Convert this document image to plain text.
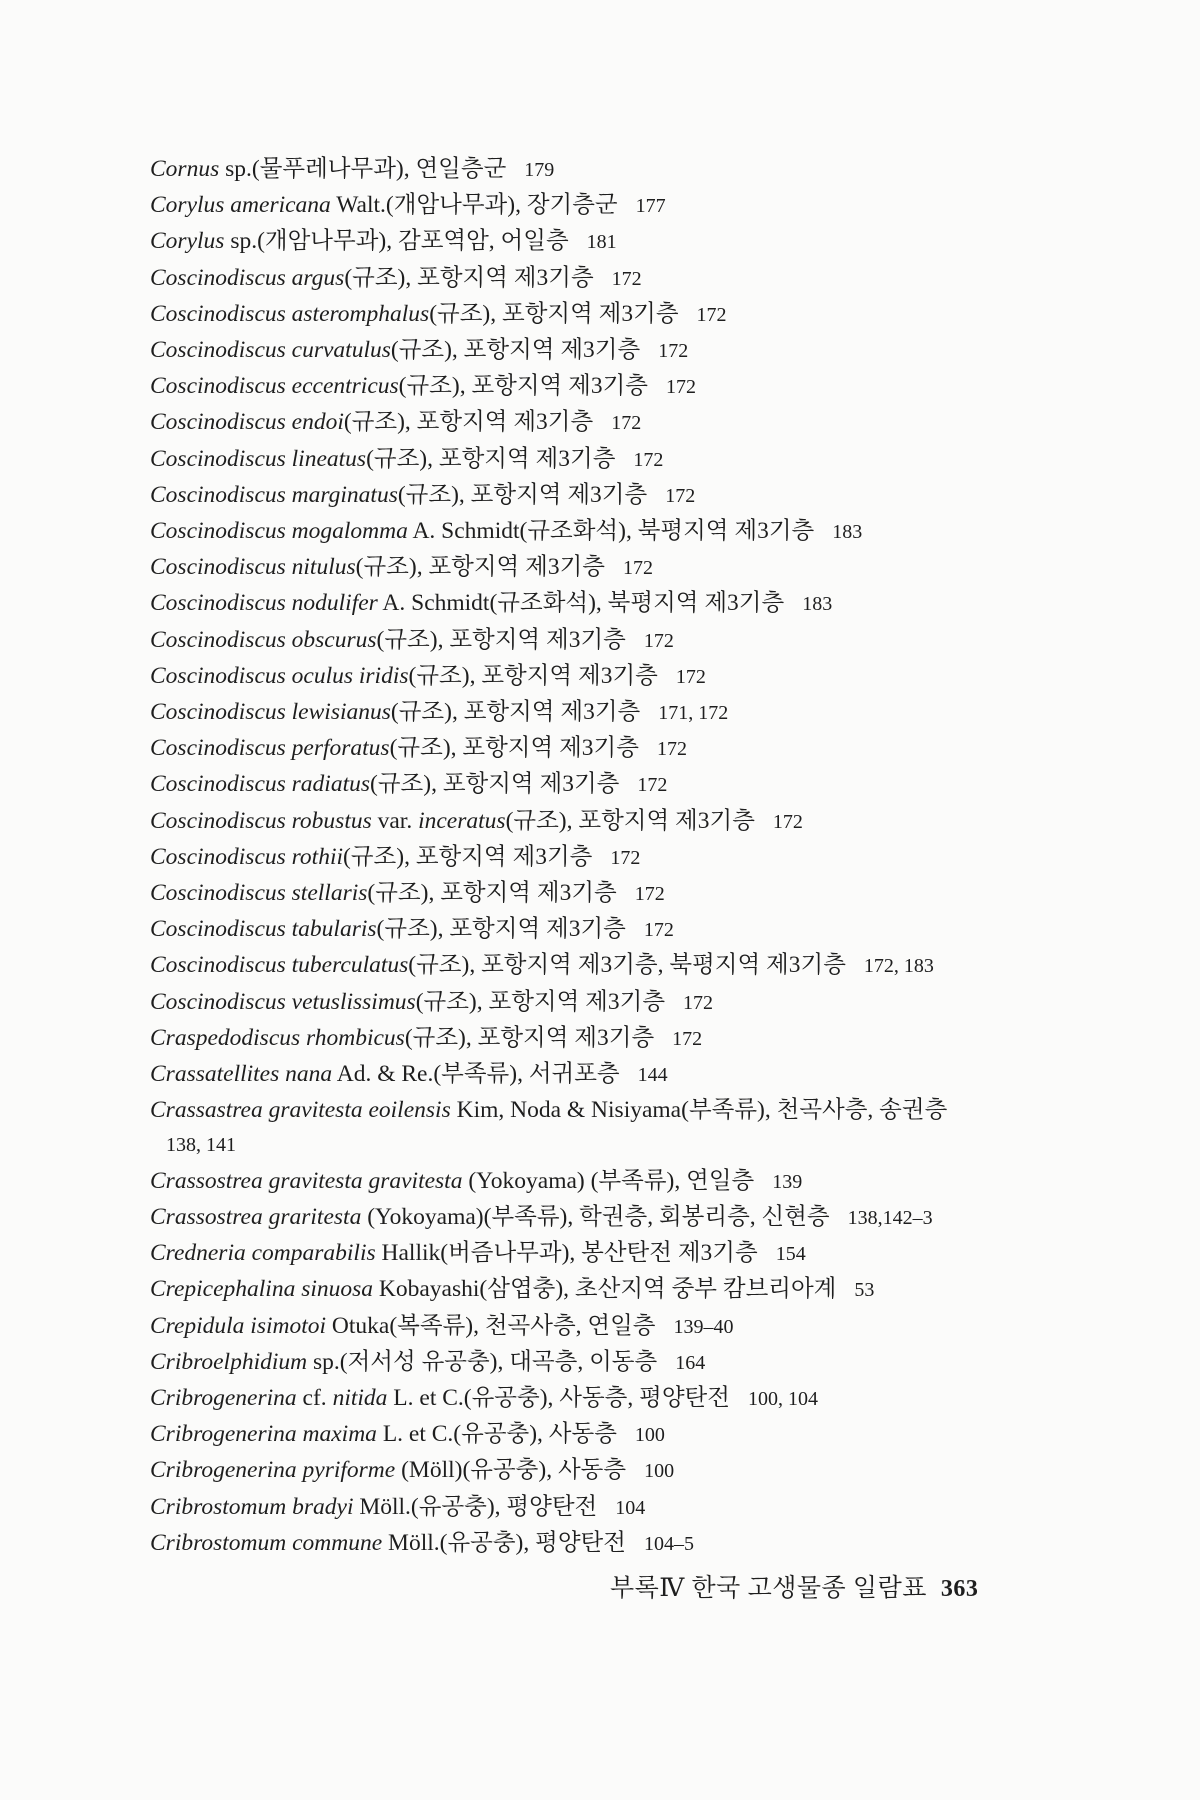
Cornus sp.(물푸레나무과), 연일층군 179
Corylus americana Walt.(개암나무과), 장기층군 177
Corylus sp.(개암나무과), 감포역암, 어일층 181
Coscinodiscus argus(규조), 포항지역 제3기층 172
Coscinodiscus asteromphalus(규조), 포항지역 제3기층 172
Coscinodiscus curvatulus(규조), 포항지역 제3기층 172
Coscinodiscus eccentricus(규조), 포항지역 제3기층 172
Coscinodiscus endoi(규조), 포항지역 제3기층 172
Coscinodiscus lineatus(규조), 포항지역 제3기층 172
Coscinodiscus marginatus(규조), 포항지역 제3기층 172
Coscinodiscus mogalomma A. Schmidt(규조화석), 북평지역 제3기층 183
Coscinodiscus nitulus(규조), 포항지역 제3기층 172
Coscinodiscus nodulifer A. Schmidt(규조화석), 북평지역 제3기층 183
Coscinodiscus obscurus(규조), 포항지역 제3기층 172
Coscinodiscus oculus iridis(규조), 포항지역 제3기층 172
Coscinodiscus lewisianus(규조), 포항지역 제3기층 171, 172
Coscinodiscus perforatus(규조), 포항지역 제3기층 172
Coscinodiscus radiatus(규조), 포항지역 제3기층 172
Coscinodiscus robustus var. inceratus(규조), 포항지역 제3기층 172
Coscinodiscus rothii(규조), 포항지역 제3기층 172
Coscinodiscus stellaris(규조), 포항지역 제3기층 172
Coscinodiscus tabularis(규조), 포항지역 제3기층 172
Coscinodiscus tuberculatus(규조), 포항지역 제3기층, 북평지역 제3기층 172, 183
Coscinodiscus vetuslissimus(규조), 포항지역 제3기층 172
Craspedodiscus rhombicus(규조), 포항지역 제3기층 172
Crassatellites nana Ad. & Re.(부족류), 서귀포층 144
Crassastrea gravitesta eoilensis Kim, Noda & Nisiyama(부족류), 천곡사층, 송권층
138, 141
Crassostrea gravitesta gravitesta (Yokoyama) (부족류), 연일층 139
Crassostrea graritesta (Yokoyama)(부족류), 학권층, 회봉리층, 신현층 138,142–3
Credneria comparabilis Hallik(버즘나무과), 봉산탄전 제3기층 154
Crepicephalina sinuosa Kobayashi(삼엽충), 초산지역 중부 캄브리아계 53
Crepidula isimotoi Otuka(복족류), 천곡사층, 연일층 139–40
Cribroelphidium sp.(저서성 유공충), 대곡층, 이동층 164
Cribrogenerina cf. nitida L. et C.(유공충), 사동층, 평양탄전 100, 104
Cribrogenerina maxima L. et C.(유공충), 사동층 100
Cribrogenerina pyriforme (Möll)(유공충), 사동층 100
Cribrostomum bradyi Möll.(유공충), 평양탄전 104
Cribrostomum commune Möll.(유공충), 평양탄전 104–5
부록Ⅳ 한국 고생물종 일람표 363
